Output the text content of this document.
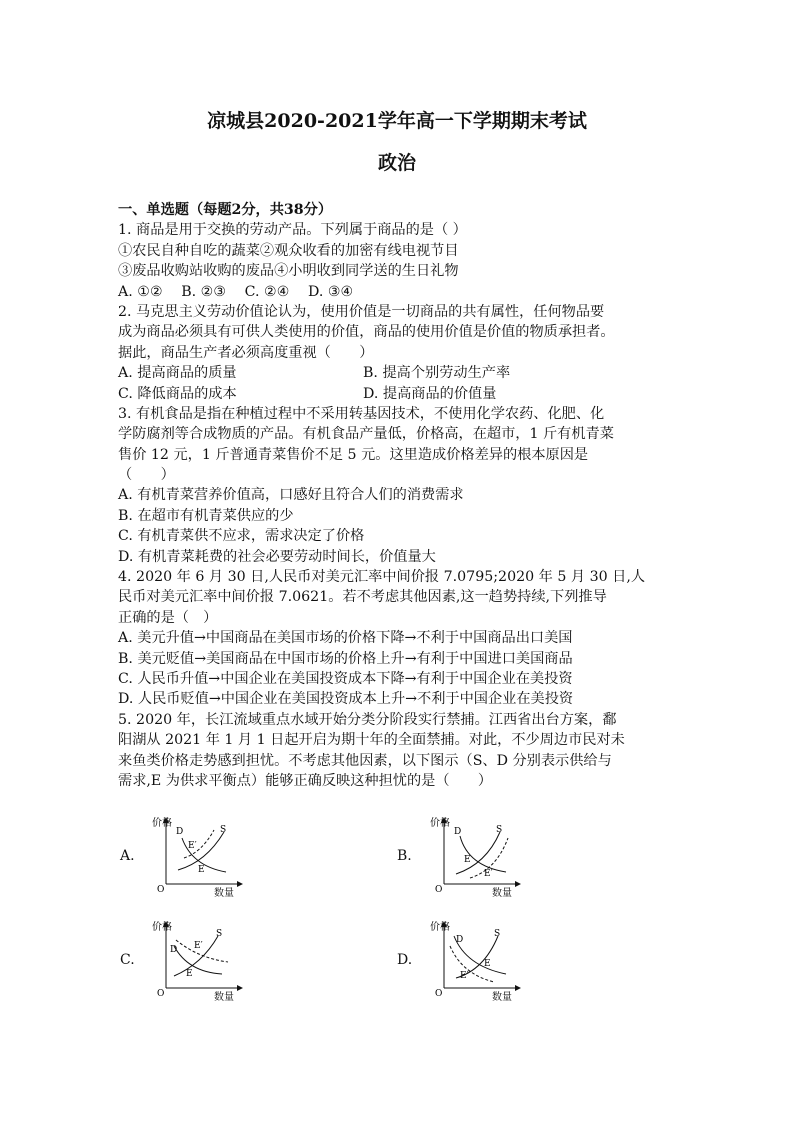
凉城县2020-2021学年高一下学期期末考试
政治
一、单选题（每题2分，共38分）
1. 商品是用于交换的劳动产品。下列属于商品的是（ ）
①农民自种自吃的蔬菜②观众收看的加密有线电视节目
③废品收购站收购的废品④小明收到同学送的生日礼物
A. ①② B. ②③ C. ②④ D. ③④
2. 马克思主义劳动价值论认为，使用价值是一切商品的共有属性，任何物品要
成为商品必须具有可供人类使用的价值，商品的使用价值是价值的物质承担者。
据此，商品生产者必须高度重视（　　）
A. 提高商品的质量	B. 提高个别劳动生产率
C. 降低商品的成本	D. 提高商品的价值量
3. 有机食品是指在种植过程中不采用转基因技术，不使用化学农药、化肥、化
学防腐剂等合成物质的产品。有机食品产量低，价格高，在超市，1 斤有机青菜
售价 12 元，1 斤普通青菜售价不足 5 元。这里造成价格差异的根本原因是
（　　）
A. 有机青菜营养价值高，口感好且符合人们的消费需求
B. 在超市有机青菜供应的少
C. 有机青菜供不应求，需求决定了价格
D. 有机青菜耗费的社会必要劳动时间长，价值量大
4. 2020 年 6 月 30 日,人民币对美元汇率中间价报 7.0795;2020 年 5 月 30 日,人
民币对美元汇率中间价报 7.0621。若不考虑其他因素,这一趋势持续,下列推导
正确的是（　）
A. 美元升值→中国商品在美国市场的价格下降→不利于中国商品出口美国
B. 美元贬值→美国商品在中国市场的价格上升→有利于中国进口美国商品
C. 人民币升值→中国企业在美国投资成本下降→有利于中国企业在美投资
D. 人民币贬值→中国企业在美国投资成本上升→不利于中国企业在美投资
5. 2020 年，长江流域重点水域开始分类分阶段实行禁捕。江西省出台方案，鄱
阳湖从 2021 年 1 月 1 日起开启为期十年的全面禁捕。对此，不少周边市民对未
来鱼类价格走势感到担忧。不考虑其他因素，以下图示（S、D 分别表示供给与
需求,E 为供求平衡点）能够正确反映这种担忧的是（　　）
A.	B.
C.	D.
价格
O	数量
D	S
E′
E
价格
O	数量
D	S
E
E′
价格
O	数量
D
S
E′
E
价格
O	数量
D
S
E
E′
